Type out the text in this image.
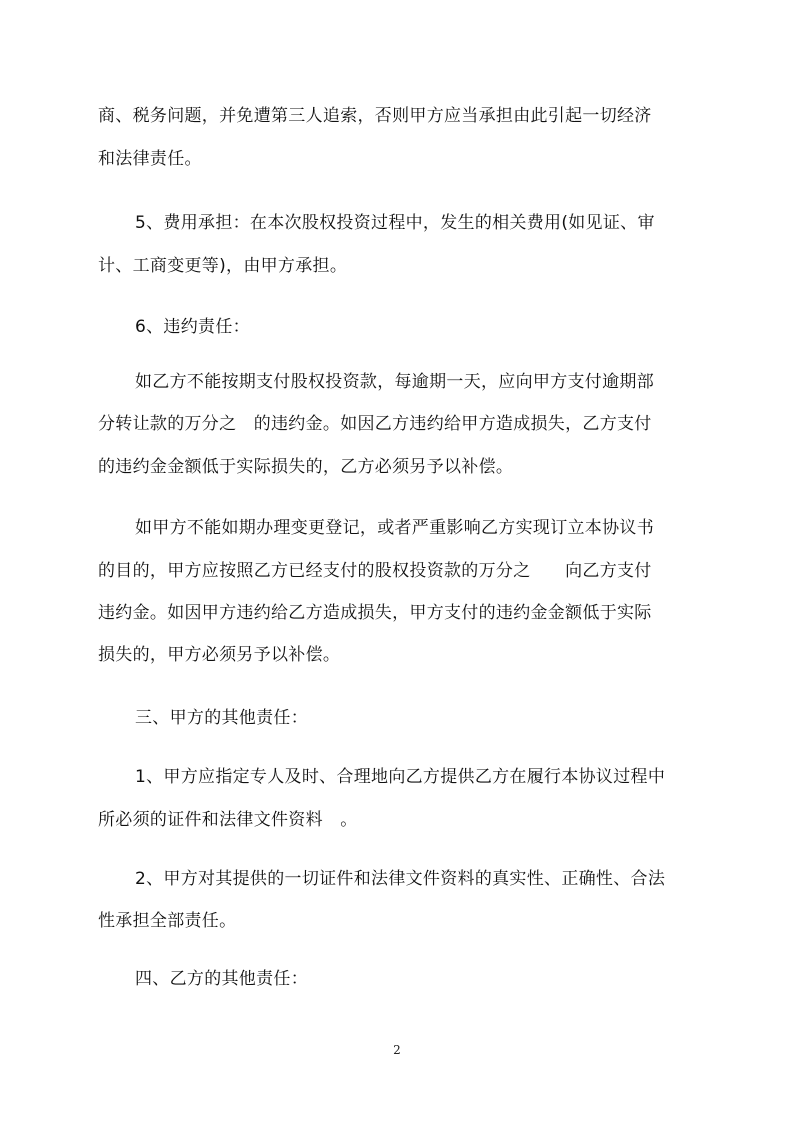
商、税务问题，并免遭第三人追索，否则甲方应当承担由此引起一切经济
和法律责任。
5、费用承担：在本次股权投资过程中，发生的相关费用(如见证、审
计、工商变更等)，由甲方承担。
6、违约责任：
如乙方不能按期支付股权投资款，每逾期一天，应向甲方支付逾期部
分转让款的万分之　的违约金。如因乙方违约给甲方造成损失，乙方支付
的违约金金额低于实际损失的，乙方必须另予以补偿。
如甲方不能如期办理变更登记，或者严重影响乙方实现订立本协议书
的目的，甲方应按照乙方已经支付的股权投资款的万分之　　向乙方支付
违约金。如因甲方违约给乙方造成损失，甲方支付的违约金金额低于实际
损失的，甲方必须另予以补偿。
三、甲方的其他责任：
1、甲方应指定专人及时、合理地向乙方提供乙方在履行本协议过程中
所必须的证件和法律文件资料　。
2、甲方对其提供的一切证件和法律文件资料的真实性、正确性、合法
性承担全部责任。
四、乙方的其他责任：
2
